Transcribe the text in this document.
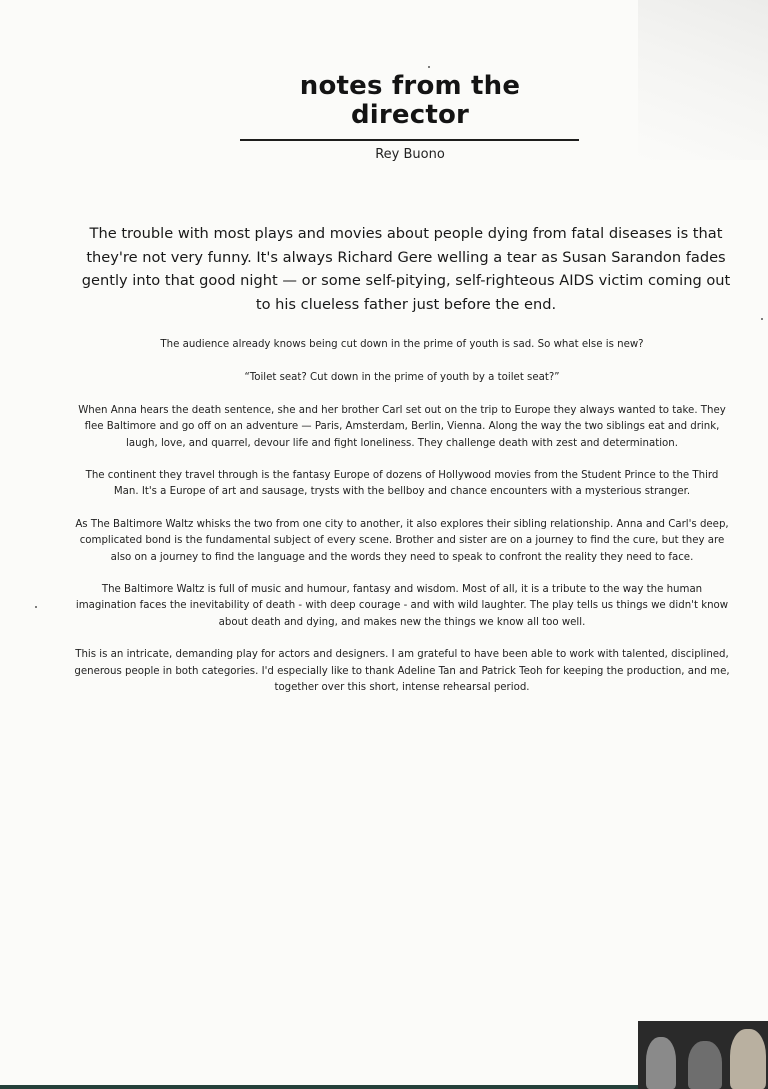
notes from the
director
Rey Buono
The trouble with most plays and movies about people dying from fatal diseases is that they're not very funny. It's always Richard Gere welling a tear as Susan Sarandon fades gently into that good night — or some self-pitying, self-righteous AIDS victim coming out to his clueless father just before the end.

The audience already knows being cut down in the prime of youth is sad. So what else is new?

“Toilet seat? Cut down in the prime of youth by a toilet seat?”

When Anna hears the death sentence, she and her brother Carl set out on the trip to Europe they always wanted to take. They flee Baltimore and go off on an adventure — Paris, Amsterdam, Berlin, Vienna. Along the way the two siblings eat and drink, laugh, love, and quarrel, devour life and fight loneliness. They challenge death with zest and determination.

The continent they travel through is the fantasy Europe of dozens of Hollywood movies from the Student Prince to the Third Man. It's a Europe of art and sausage, trysts with the bellboy and chance encounters with a mysterious stranger.

As The Baltimore Waltz whisks the two from one city to another, it also explores their sibling relationship. Anna and Carl's deep, complicated bond is the fundamental subject of every scene. Brother and sister are on a journey to find the cure, but they are also on a journey to find the language and the words they need to speak to confront the reality they need to face.

The Baltimore Waltz is full of music and humour, fantasy and wisdom. Most of all, it is a tribute to the way the human imagination faces the inevitability of death - with deep courage - and with wild laughter. The play tells us things we didn't know about death and dying, and makes new the things we know all too well.

This is an intricate, demanding play for actors and designers. I am grateful to have been able to work with talented, disciplined, generous people in both categories. I'd especially like to thank Adeline Tan and Patrick Teoh for keeping the production, and me, together over this short, intense rehearsal period.
